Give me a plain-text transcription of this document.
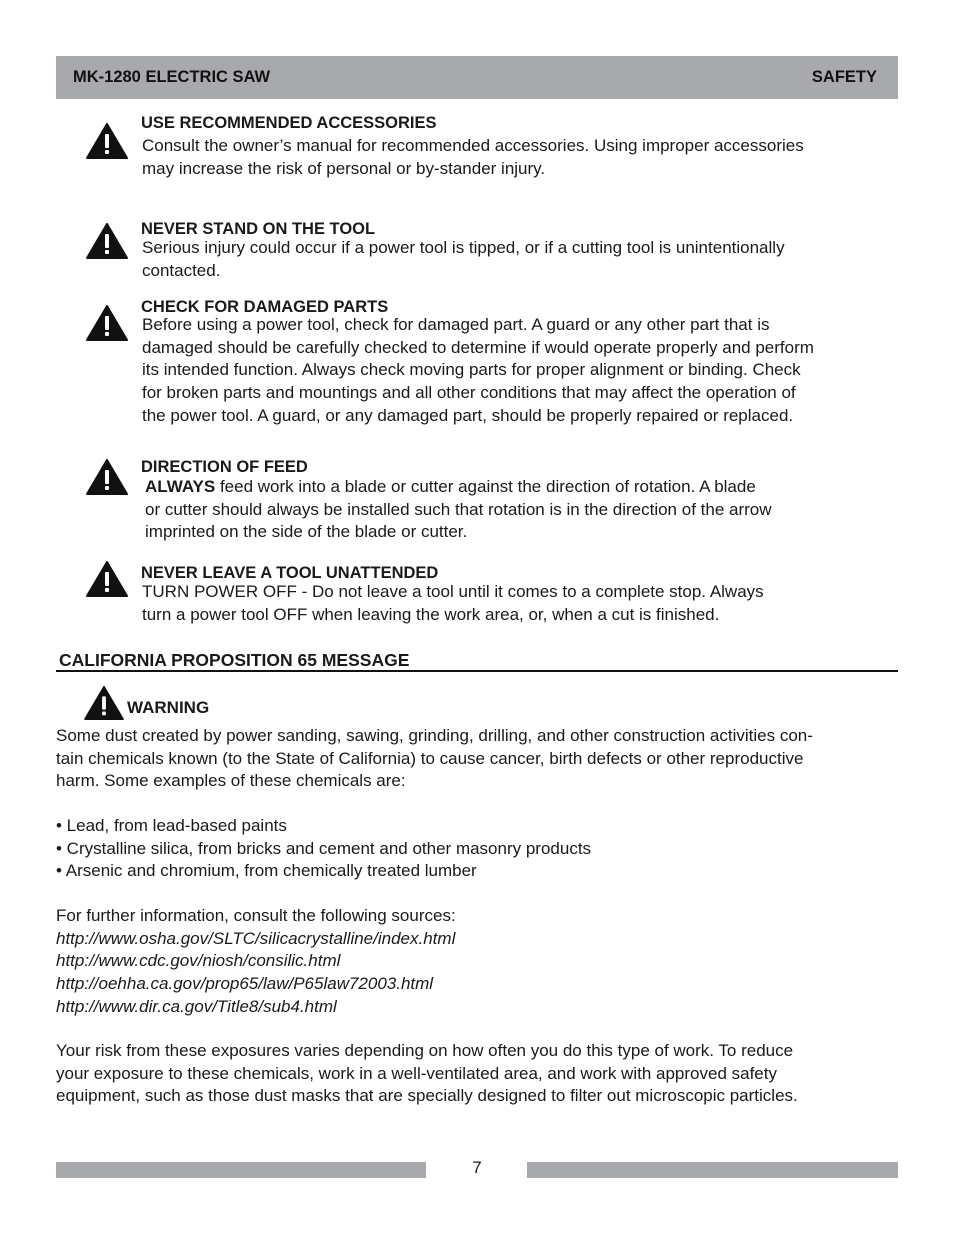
MK-1280 ELECTRIC SAW	SAFETY
USE RECOMMENDED ACCESSORIES

Consult the owner’s manual for recommended accessories. Using improper accessories

may increase the risk of personal or by-stander injury.

NEVER STAND ON THE TOOL

Serious injury could occur if a power tool is tipped, or if a cutting tool is unintentionally

contacted.

CHECK FOR DAMAGED PARTS

Before using a power tool, check for damaged part. A guard or any other part that is

damaged should be carefully checked to determine if would operate properly and perform

its intended function. Always check moving parts for proper alignment or binding. Check

for broken parts and mountings and all other conditions that may affect the operation of

the power tool. A guard, or any damaged part, should be properly repaired or replaced.

DIRECTION OF FEED

ALWAYS feed work into a blade or cutter against the direction of rotation. A blade

or cutter should always be installed such that rotation is in the direction of the arrow

imprinted on the side of the blade or cutter.

NEVER LEAVE A TOOL UNATTENDED

TURN POWER OFF - Do not leave a tool until it comes to a complete stop. Always

turn a power tool OFF when leaving the work area, or, when a cut is finished.

CALIFORNIA PROPOSITION 65 MESSAGE
WARNING

Some dust created by power sanding, sawing, grinding, drilling, and other construction activities con-

tain chemicals known (to the State of California) to cause cancer, birth defects or other reproductive

harm. Some examples of these chemicals are:

• Lead, from lead-based paints
• Crystalline silica, from bricks and cement and other masonry products
• Arsenic and chromium, from chemically treated lumber

For further information, consult the following sources:

http://www.osha.gov/SLTC/silicacrystalline/index.html

http://www.cdc.gov/niosh/consilic.html

http://oehha.ca.gov/prop65/law/P65law72003.html

http://www.dir.ca.gov/Title8/sub4.html

Your risk from these exposures varies depending on how often you do this type of work. To reduce

your exposure to these chemicals, work in a well-ventilated area, and work with approved safety

equipment, such as those dust masks that are specially designed to filter out microscopic particles.

7
